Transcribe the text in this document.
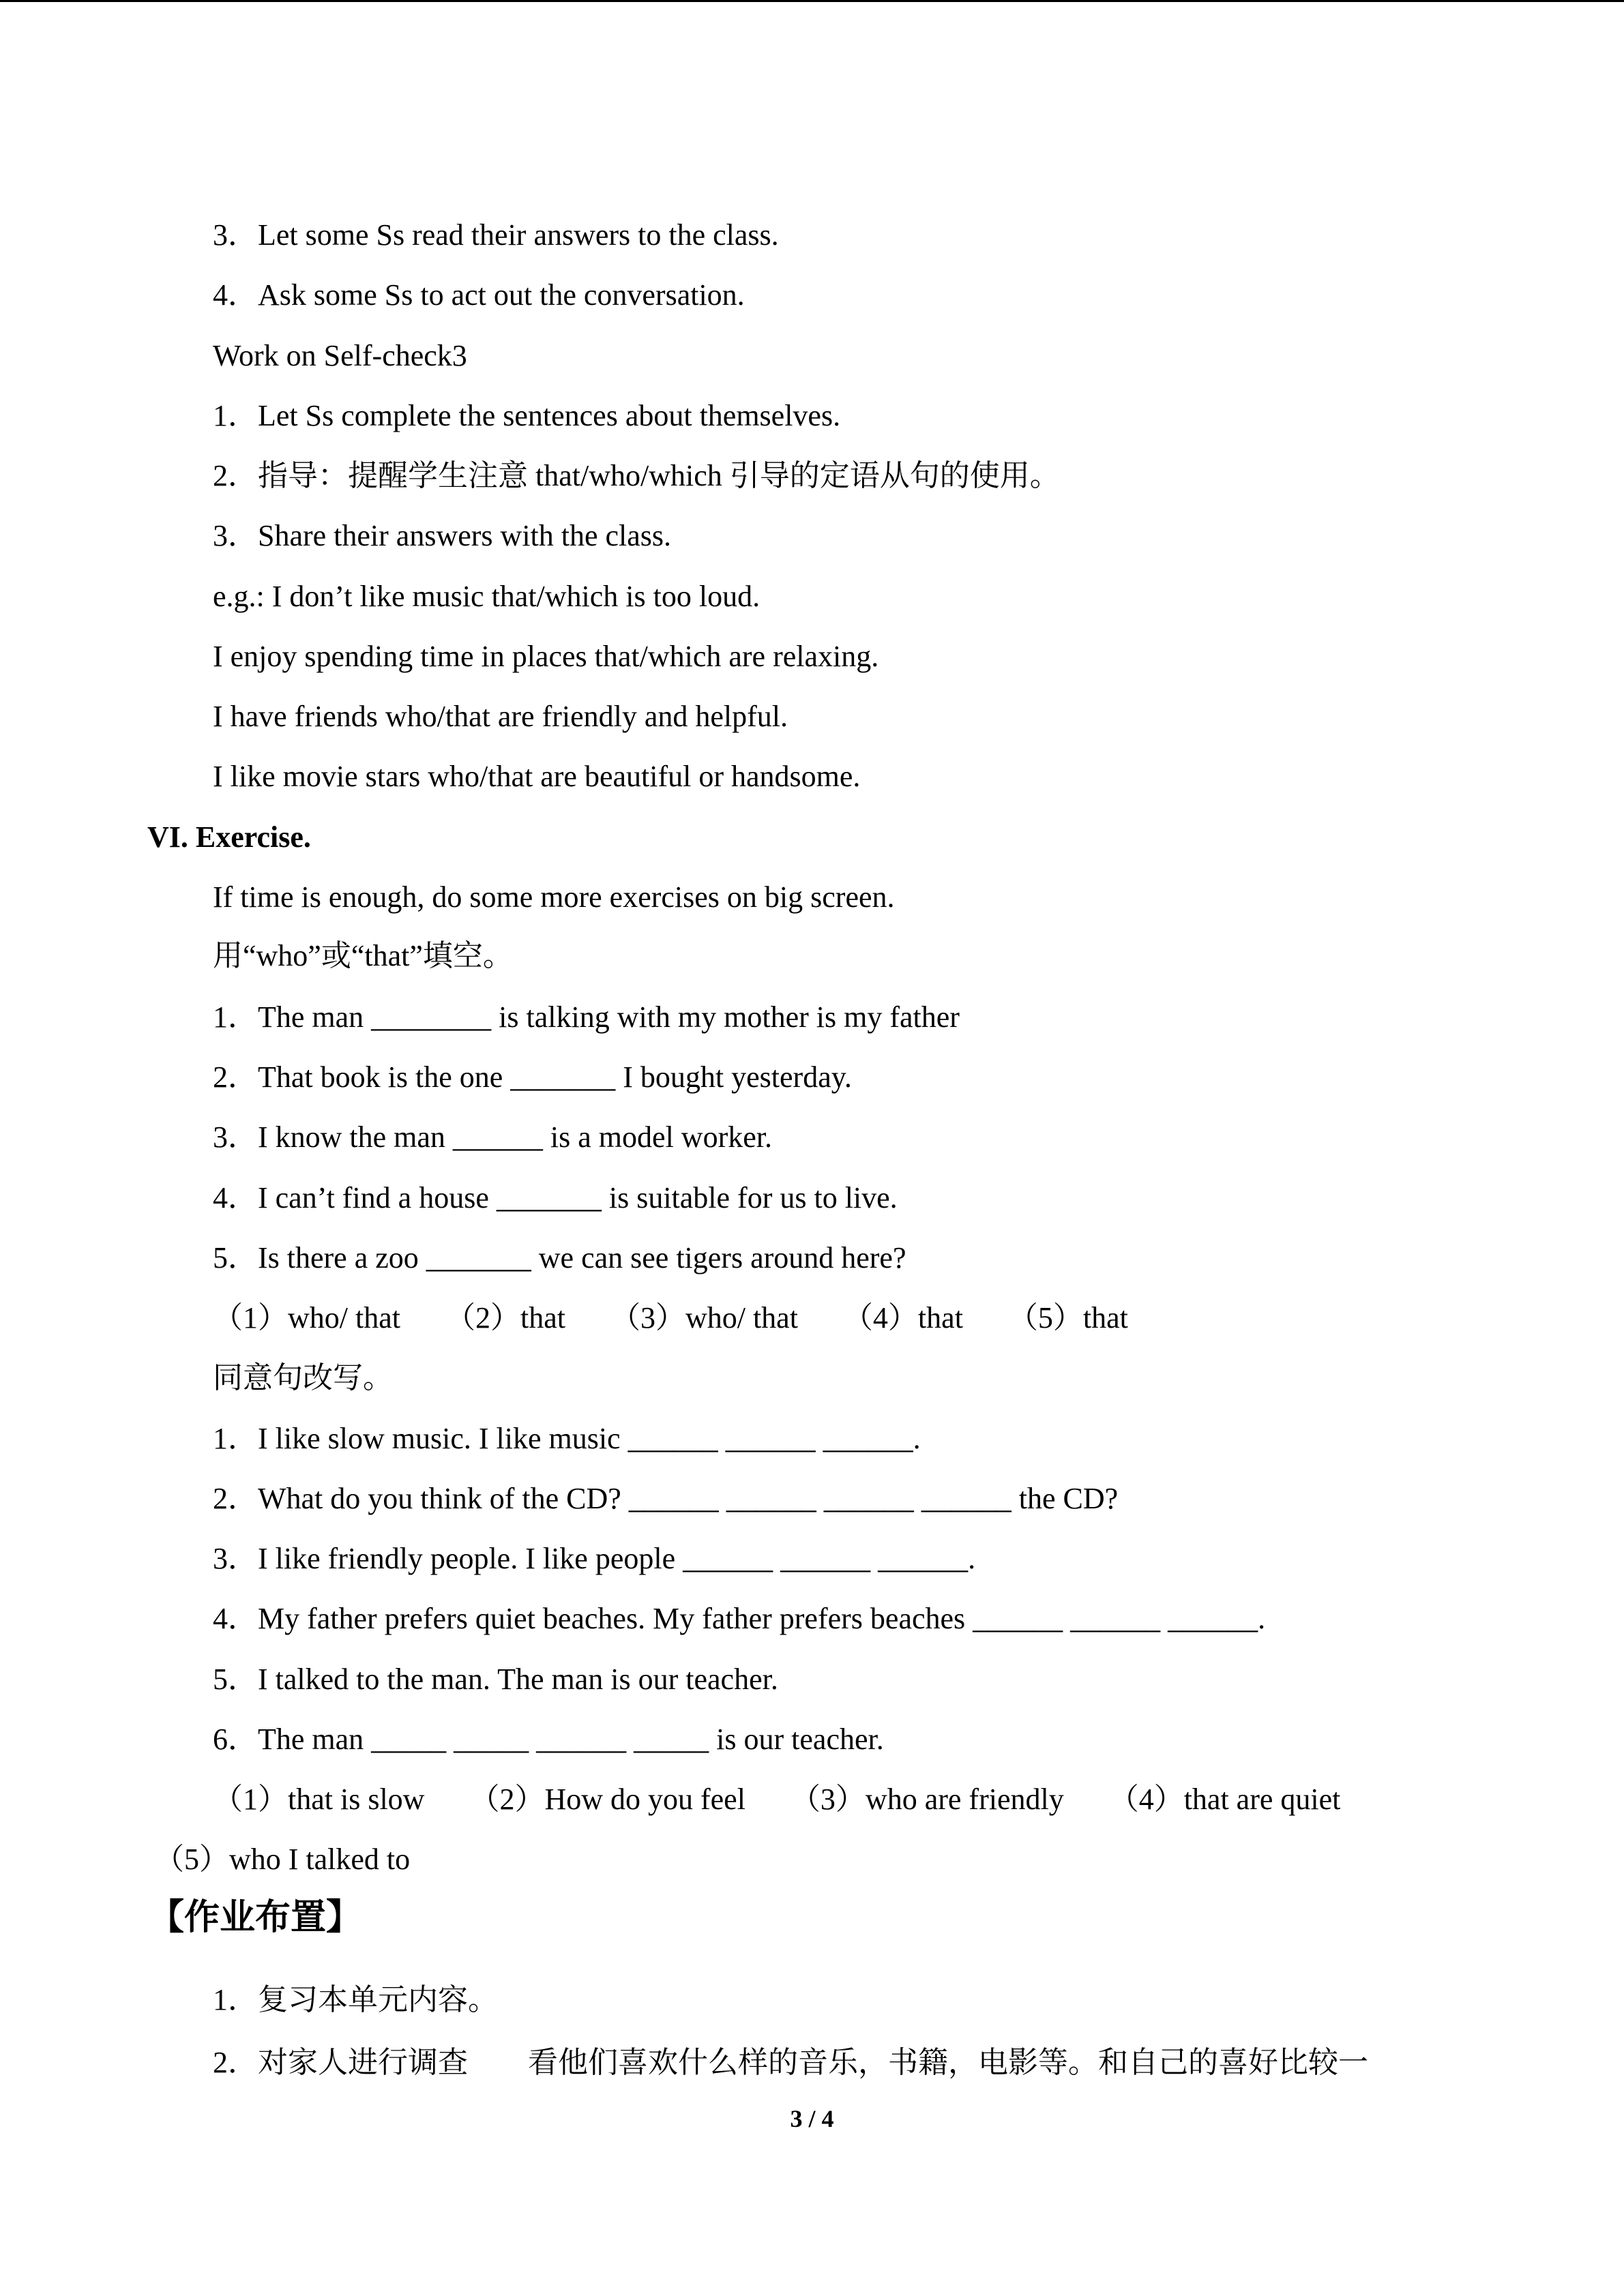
3．Let some Ss read their answers to the class.
4．Ask some Ss to act out the conversation.
Work on Self-check3
1．Let Ss complete the sentences about themselves.
2．指导：提醒学生注意 that/who/which 引导的定语从句的使用。
3．Share their answers with the class.
e.g.: I don’t like music that/which is too loud.
I enjoy spending time in places that/which are relaxing.
I have friends who/that are friendly and helpful.
I like movie stars who/that are beautiful or handsome.
VI. Exercise.
If time is enough, do some more exercises on big screen.
用“who”或“that”填空。
1．The man ________ is talking with my mother is my father
2．That book is the one _______ I bought yesterday.
3．I know the man ______ is a model worker.
4．I can’t find a house _______ is suitable for us to live.
5．Is there a zoo _______ we can see tigers around here?
（1）who/ that      （2）that      （3）who/ that      （4）that      （5）that
同意句改写。
1．I like slow music. I like music ______ ______ ______.
2．What do you think of the CD? ______ ______ ______ ______ the CD?
3．I like friendly people. I like people ______ ______ ______.
4．My father prefers quiet beaches. My father prefers beaches ______ ______ ______.
5．I talked to the man. The man is our teacher.
6．The man _____ _____ ______ _____ is our teacher.
（1）that is slow      （2）How do you feel      （3）who are friendly      （4）that are quiet
（5）who I talked to
【作业布置】
1．复习本单元内容。
2．对家人进行调查        看他们喜欢什么样的音乐，书籍，电影等。和自己的喜好比较一
3 / 4
